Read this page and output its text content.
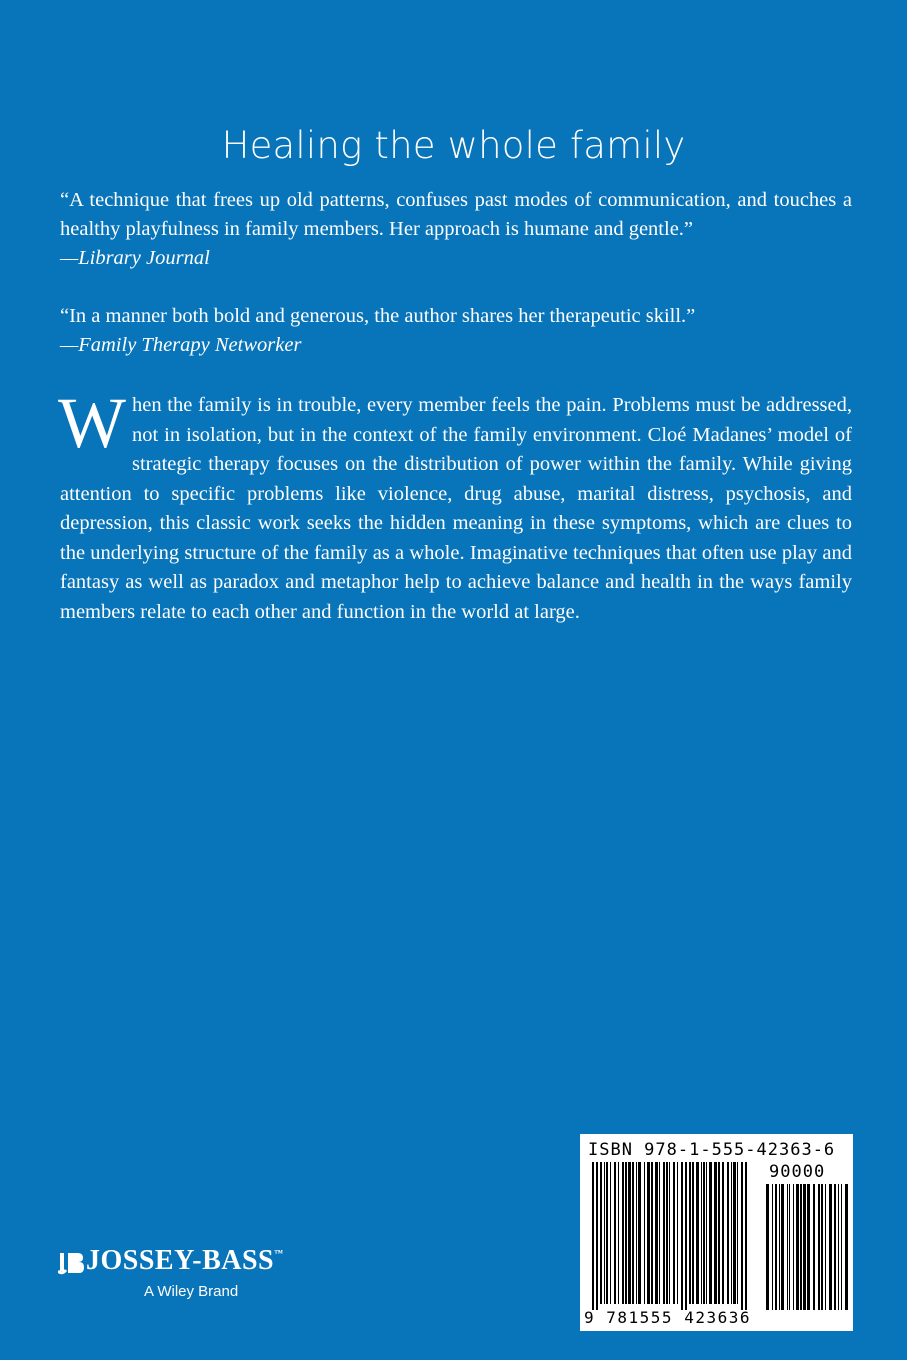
Healing the whole family

“A technique that frees up old patterns, confuses past modes of communication, and touches a healthy playfulness in family members. Her approach is humane and gentle.”
—Library Journal

“In a manner both bold and generous, the author shares her therapeutic skill.”
—Family Therapy Networker

When the family is in trouble, every member feels the pain. Problems must be addressed, not in isolation, but in the context of the family environment. Cloé Madanes’ model of strategic therapy focuses on the distribution of power within the family. While giving attention to specific problems like violence, drug abuse, marital distress, psychosis, and depression, this classic work seeks the hidden meaning in these symptoms, which are clues to the underlying structure of the family as a whole. Imaginative techniques that often use play and fantasy as well as paradox and metaphor help to achieve balance and health in the ways family members relate to each other and function in the world at large.

JOSSEY-BASS™
A Wiley Brand
ISBN 978-1-555-42363-6
90000
9 781555 423636
